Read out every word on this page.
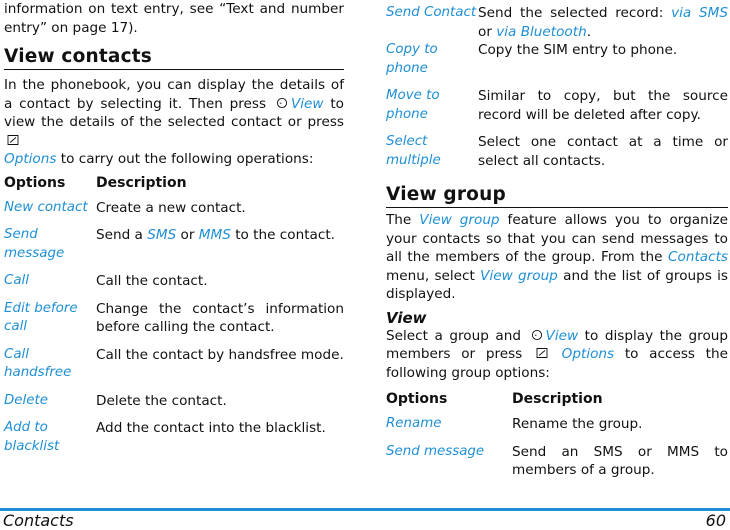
information on text entry, see “Text and number entry” on page 17).

View contacts

In the phonebook, you can display the details of a contact by selecting it. Then press View to view the details of the selected contact or press

Options to carry out the following operations:

Options	Description
New contact	Create a new contact.
Send message	Send a SMS or MMS to the contact.
Call	Call the contact.
Edit before call	Change the contact’s information before calling the contact.
Call handsfree	Call the contact by handsfree mode.
Delete	Delete the contact.
Add to blacklist	Add the contact into the blacklist.
Send Contact	Send the selected record: via SMS or via Bluetooth.
Copy to phone	Copy the SIM entry to phone.
Move to phone	Similar to copy, but the source record will be deleted after copy.
Select multiple	Select one contact at a time or select all contacts.
View group

The View group feature allows you to organize your contacts so that you can send messages to all the members of the group. From the Contacts menu, select View group and the list of groups is displayed.

View

Select a group and View to display the group members or press	Options to access the following group options:

Options	Description
Rename	Rename the group.
Send message	Send an SMS or MMS to members of a group.
Contacts	60
